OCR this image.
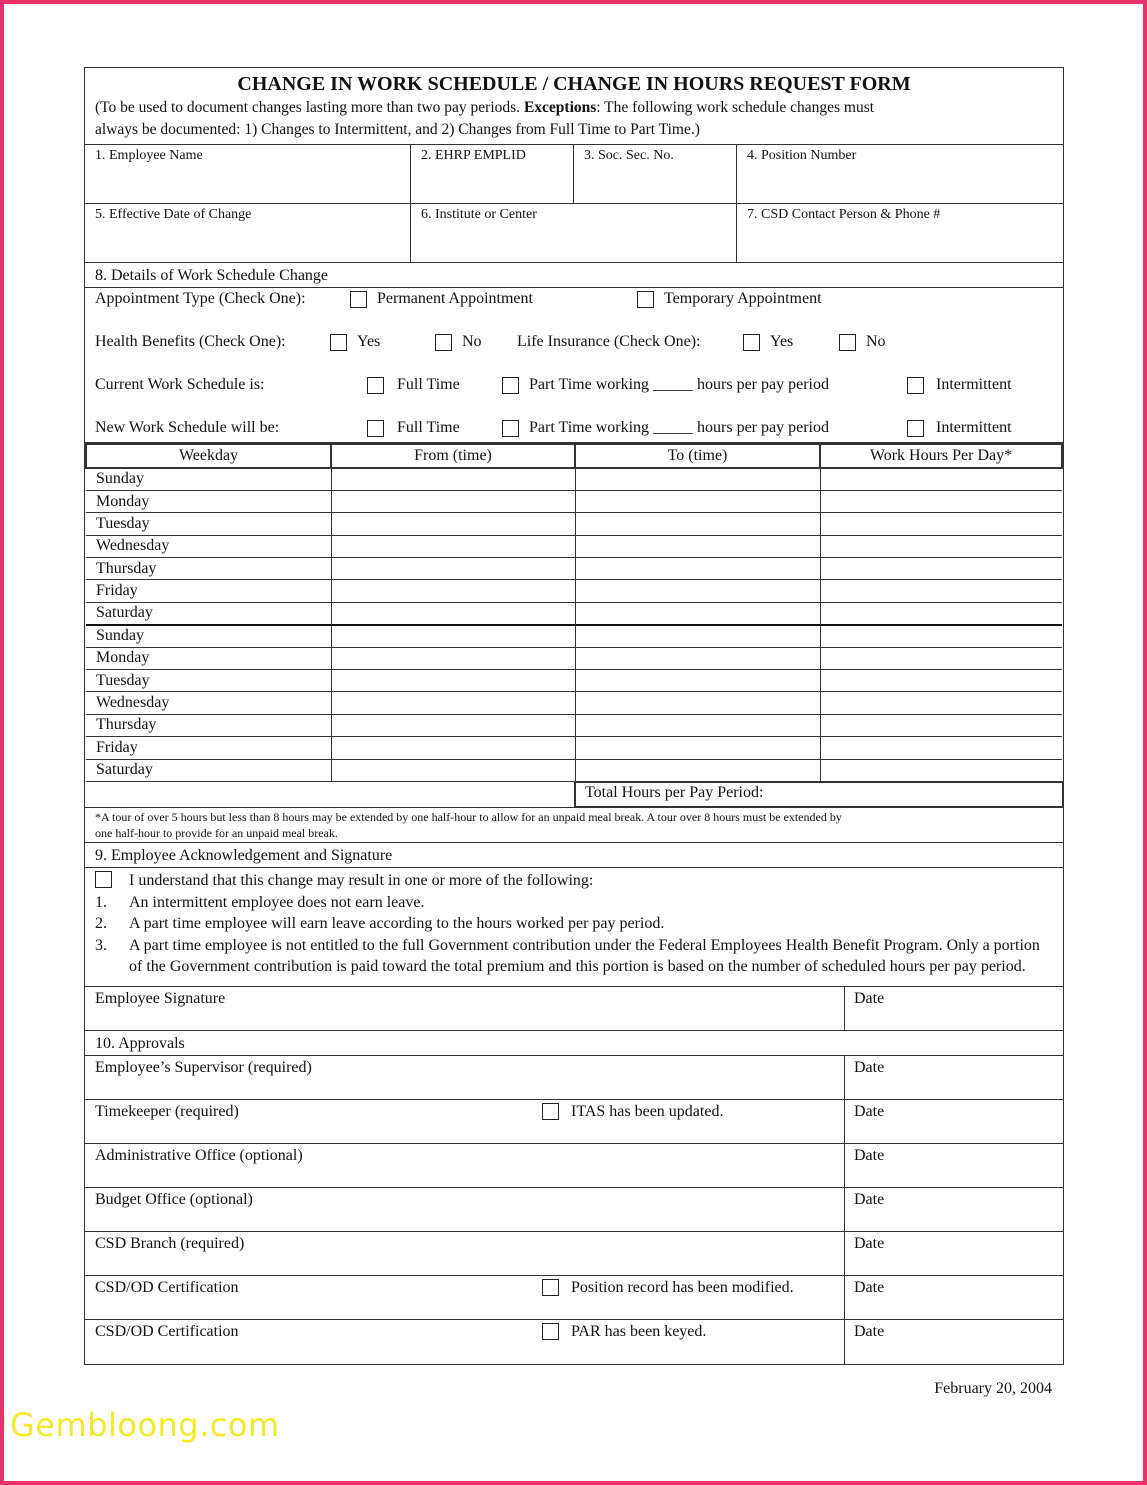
CHANGE IN WORK SCHEDULE / CHANGE IN HOURS REQUEST FORM
(To be used to document changes lasting more than two pay periods. Exceptions: The following work schedule changes must
always be documented: 1) Changes to Intermittent, and 2) Changes from Full Time to Part Time.)
1. Employee Name	2. EHRP EMPLID	3. Soc. Sec. No.	4. Position Number
5. Effective Date of Change	6. Institute or Center	7. CSD Contact Person & Phone #
8. Details of Work Schedule Change
Appointment Type (Check One):	Permanent Appointment	Temporary Appointment
Health Benefits (Check One):	Yes	No Life Insurance (Check One):	Yes	No
Current Work Schedule is:	Full Time	Part Time working _____ hours per pay period	Intermittent
New Work Schedule will be:	Full Time	Part Time working _____ hours per pay period	Intermittent
Weekday	From (time)	To (time)	Work Hours Per Day*
Sunday			
Monday			
Tuesday			
Wednesday			
Thursday			
Friday			
Saturday			
Sunday			
Monday			
Tuesday			
Wednesday			
Thursday			
Friday			
Saturday			
Total Hours per Pay Period:
*A tour of over 5 hours but less than 8 hours may be extended by one half-hour to allow for an unpaid meal break. A tour over 8 hours must be extended by
one half-hour to provide for an unpaid meal break.
9. Employee Acknowledgement and Signature
I understand that this change may result in one or more of the following:
1.	An intermittent employee does not earn leave.
2.	A part time employee will earn leave according to the hours worked per pay period.
3.	A part time employee is not entitled to the full Government contribution under the Federal Employees Health Benefit Program. Only a portion of the Government contribution is paid toward the total premium and this portion is based on the number of scheduled hours per pay period.
Employee Signature	Date
10. Approvals
Employee’s Supervisor (required)	Date
Timekeeper (required)	ITAS has been updated.	Date
Administrative Office (optional)	Date
Budget Office (optional)	Date
CSD Branch (required)	Date
CSD/OD Certification	Position record has been modified.	Date
CSD/OD Certification	PAR has been keyed.	Date
February 20, 2004
Gembloong.com
